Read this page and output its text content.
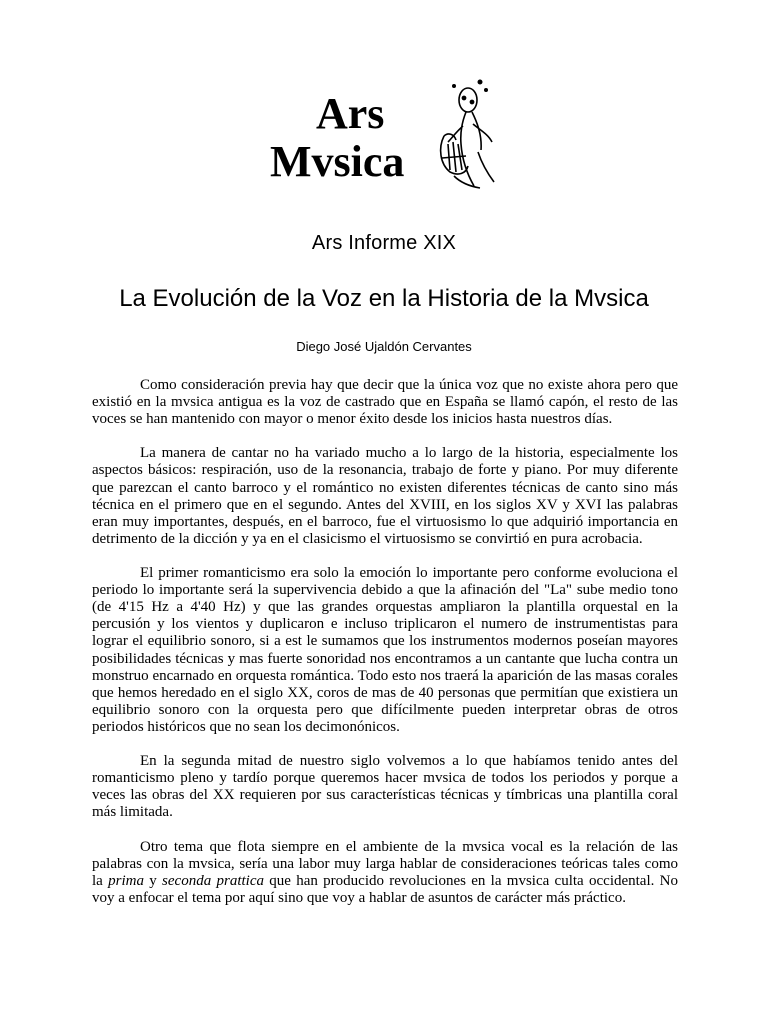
Ars
Mvsica
Ars Informe XIX
La Evolución de la Voz en la Historia de la Mvsica

Diego José Ujaldón Cervantes

Como consideración previa hay que decir que la única voz que no existe ahora pero que existió en la mvsica antigua es la voz de castrado que en España se llamó capón, el resto de las voces se han mantenido con mayor o menor éxito desde los inicios hasta nuestros días.

La manera de cantar no ha variado mucho a lo largo de la historia, especialmente los aspectos básicos: respiración, uso de la resonancia, trabajo de forte y piano. Por muy diferente que parezcan el canto barroco y el romántico no existen diferentes técnicas de canto sino más técnica en el primero que en el segundo. Antes del XVIII, en los siglos XV y XVI las palabras eran muy importantes, después, en el barroco, fue el virtuosismo lo que adquirió importancia en detrimento de la dicción y ya en el clasicismo el virtuosismo se convirtió en pura acrobacia.

El primer romanticismo era solo la emoción lo importante pero conforme evoluciona el periodo lo importante será la supervivencia debido a que la afinación del "La" sube medio tono (de 4'15 Hz a 4'40 Hz) y que las grandes orquestas ampliaron la plantilla orquestal en la percusión y los vientos y duplicaron e incluso triplicaron el numero de instrumentistas para lograr el equilibrio sonoro, si a est le sumamos que los instrumentos modernos poseían mayores posibilidades técnicas y mas fuerte sonoridad nos encontramos a un cantante que lucha contra un monstruo encarnado en orquesta romántica. Todo esto nos traerá la aparición de las masas corales que hemos heredado en el siglo XX, coros de mas de 40 personas que permitían que existiera un equilibrio sonoro con la orquesta pero que difícilmente pueden interpretar obras de otros periodos históricos que no sean los decimonónicos.

En la segunda mitad de nuestro siglo volvemos a lo que habíamos tenido antes del romanticismo pleno y tardío porque queremos hacer mvsica de todos los periodos y porque a veces las obras del XX requieren por sus características técnicas y tímbricas una plantilla coral más limitada.

Otro tema que flota siempre en el ambiente de la mvsica vocal es la relación de las palabras con la mvsica, sería una labor muy larga hablar de consideraciones teóricas tales como la prima y seconda prattica que han producido revoluciones en la mvsica culta occidental. No voy a enfocar el tema por aquí sino que voy a hablar de asuntos de carácter más práctico.
